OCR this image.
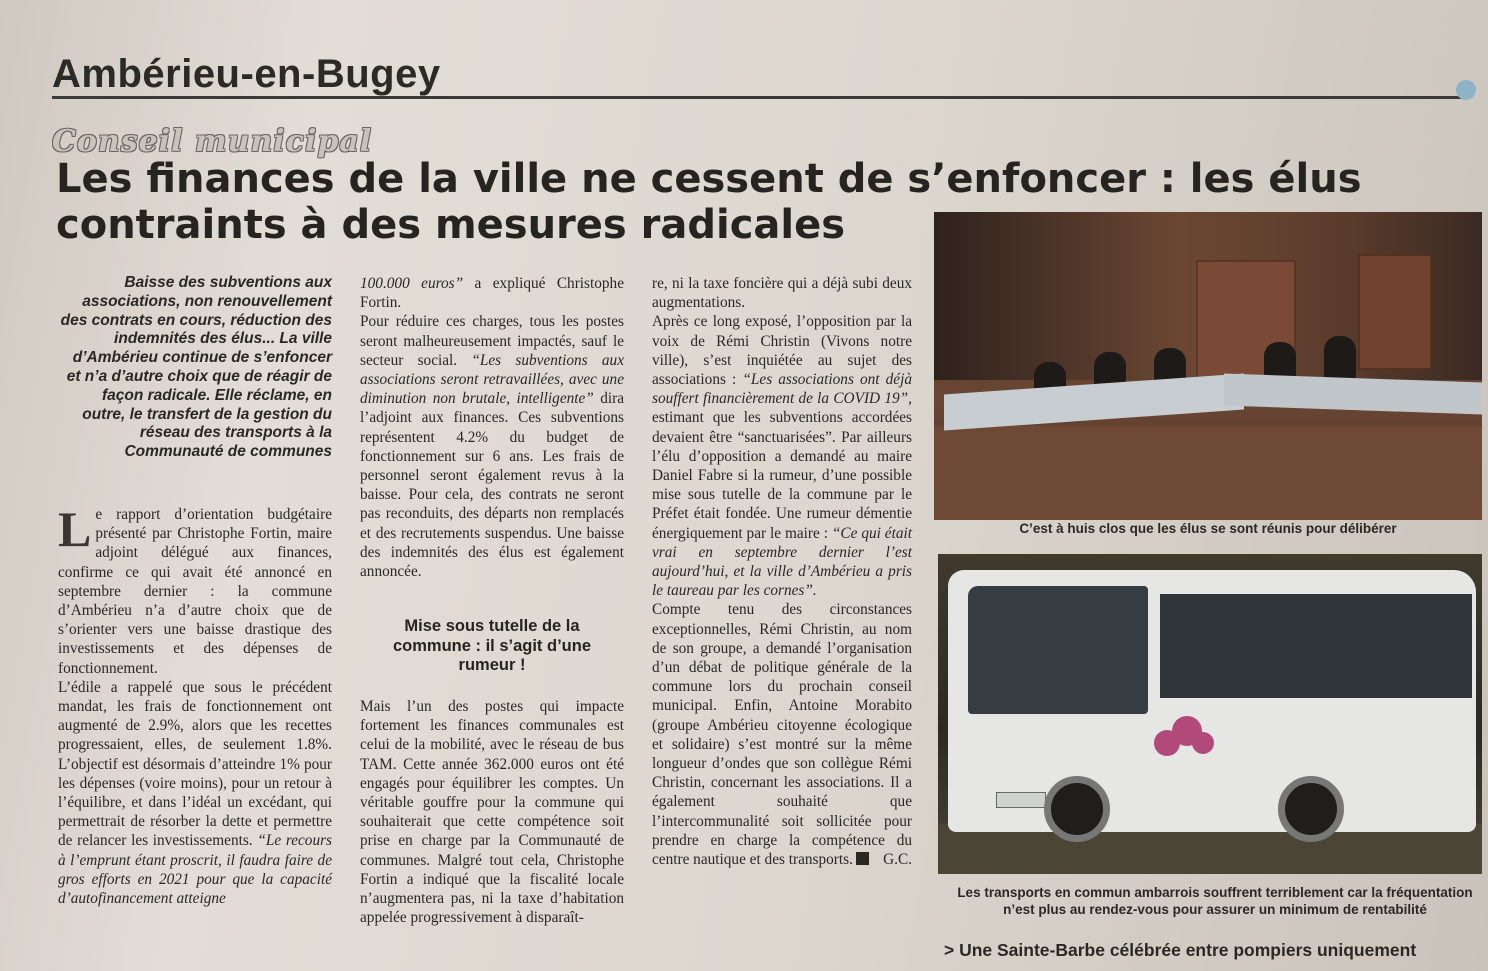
Ambérieu-en-Bugey
Conseil municipal
Les finances de la ville ne cessent de s’enfoncer : les élus contraints à des mesures radicales
Baisse des subventions aux associations, non renouvellement des contrats en cours, réduction des indemnités des élus... La ville d’Ambérieu continue de s’enfoncer et n’a d’autre choix que de réagir de façon radicale. Elle réclame, en outre, le transfert de la gestion du réseau des transports à la Communauté de communes

Le rapport d’orientation budgétaire présenté par Christophe Fortin, maire adjoint délégué aux finances, confirme ce qui avait été annoncé en septembre dernier : la commune d’Ambérieu n’a d’autre choix que de s’orienter vers une baisse drastique des investissements et des dépenses de fonctionnement.

L’édile a rappelé que sous le précédent mandat, les frais de fonctionnement ont augmenté de 2.9%, alors que les recettes progressaient, elles, de seulement 1.8%. L’objectif est désormais d’atteindre 1% pour les dépenses (voire moins), pour un retour à l’équilibre, et dans l’idéal un excédant, qui permettrait de résorber la dette et permettre de relancer les investissements. “Le recours à l’emprunt étant proscrit, il faudra faire de gros efforts en 2021 pour que la capacité d’autofinancement atteigne

100.000 euros” a expliqué Christophe Fortin.

Pour réduire ces charges, tous les postes seront malheureusement impactés, sauf le secteur social. “Les subventions aux associations seront retravaillées, avec une diminution non brutale, intelligente” dira l’adjoint aux finances. Ces subventions représentent 4.2% du budget de fonctionnement sur 6 ans. Les frais de personnel seront également revus à la baisse. Pour cela, des contrats ne seront pas reconduits, des départs non remplacés et des recrutements suspendus. Une baisse des indemnités des élus est également annoncée.

Mise sous tutelle de la commune : il s’agit d’une rumeur !

Mais l’un des postes qui impacte fortement les finances communales est celui de la mobilité, avec le réseau de bus TAM. Cette année 362.000 euros ont été engagés pour équilibrer les comptes. Un véritable gouffre pour la commune qui souhaiterait que cette compétence soit prise en charge par la Communauté de communes. Malgré tout cela, Christophe Fortin a indiqué que la fiscalité locale n’augmentera pas, ni la taxe d’habitation appelée progressivement à disparaît-

re, ni la taxe foncière qui a déjà subi deux augmentations.

Après ce long exposé, l’opposition par la voix de Rémi Christin (Vivons notre ville), s’est inquiétée au sujet des associations : “Les associations ont déjà souffert financièrement de la COVID 19”, estimant que les subventions accordées devaient être “sanctuarisées”. Par ailleurs l’élu d’opposition a demandé au maire Daniel Fabre si la rumeur, d’une possible mise sous tutelle de la commune par le Préfet était fondée. Une rumeur démentie énergiquement par le maire : “Ce qui était vrai en septembre dernier l’est aujourd’hui, et la ville d’Ambérieu a pris le taureau par les cornes”.

Compte tenu des circonstances exceptionnelles, Rémi Christin, au nom de son groupe, a demandé l’organisation d’un débat de politique générale de la commune lors du prochain conseil municipal. Enfin, Antoine Morabito (groupe Ambérieu citoyenne écologique et solidaire) s’est montré sur la même longueur d’ondes que son collègue Rémi Christin, concernant les associations. Il a également souhaité que l’intercommunalité soit sollicitée pour prendre en charge la compétence du centre nautique et des transports. G.C.

C’est à huis clos que les élus se sont réunis pour délibérer
Les transports en commun ambarrois souffrent terriblement car la fréquentation n’est plus au rendez-vous pour assurer un minimum de rentabilité
> Une Sainte-Barbe célébrée entre pompiers uniquement
